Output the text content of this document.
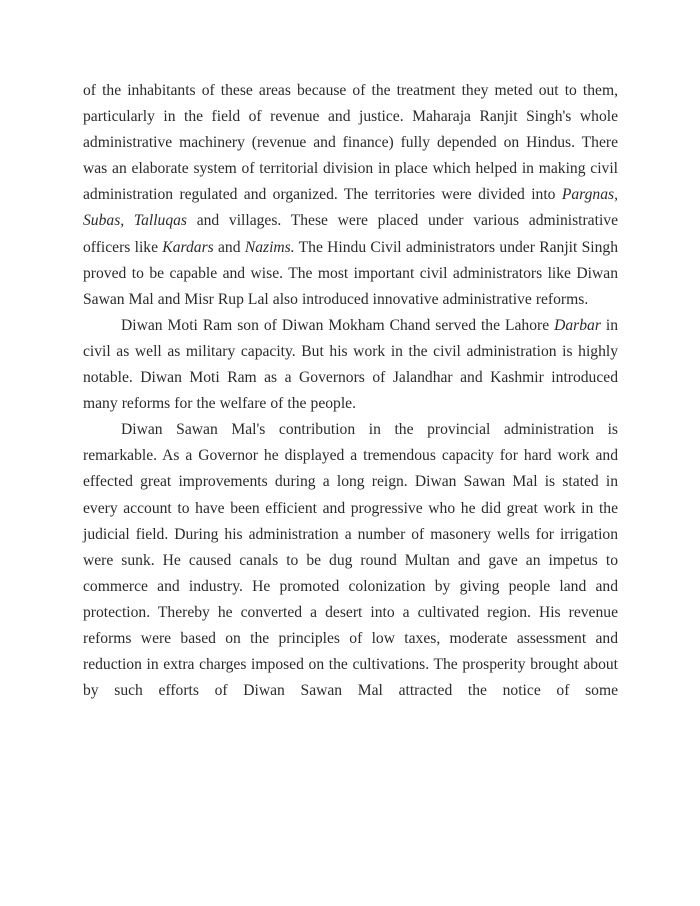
of the inhabitants of these areas because of the treatment they meted out to them, particularly in the field of revenue and justice. Maharaja Ranjit Singh's whole administrative machinery (revenue and finance) fully depended on Hindus. There was an elaborate system of territorial division in place which helped in making civil administration regulated and organized. The territories were divided into Pargnas, Subas, Talluqas and villages. These were placed under various administrative officers like Kardars and Nazims. The Hindu Civil administrators under Ranjit Singh proved to be capable and wise. The most important civil administrators like Diwan Sawan Mal and Misr Rup Lal also introduced innovative administrative reforms.

Diwan Moti Ram son of Diwan Mokham Chand served the Lahore Darbar in civil as well as military capacity. But his work in the civil administration is highly notable. Diwan Moti Ram as a Governors of Jalandhar and Kashmir introduced many reforms for the welfare of the people.

Diwan Sawan Mal's contribution in the provincial administration is remarkable. As a Governor he displayed a tremendous capacity for hard work and effected great improvements during a long reign. Diwan Sawan Mal is stated in every account to have been efficient and progressive who he did great work in the judicial field. During his administration a number of masonery wells for irrigation were sunk. He caused canals to be dug round Multan and gave an impetus to commerce and industry. He promoted colonization by giving people land and protection. Thereby he converted a desert into a cultivated region. His revenue reforms were based on the principles of low taxes, moderate assessment and reduction in extra charges imposed on the cultivations. The prosperity brought about by such efforts of Diwan Sawan Mal attracted the notice of some
